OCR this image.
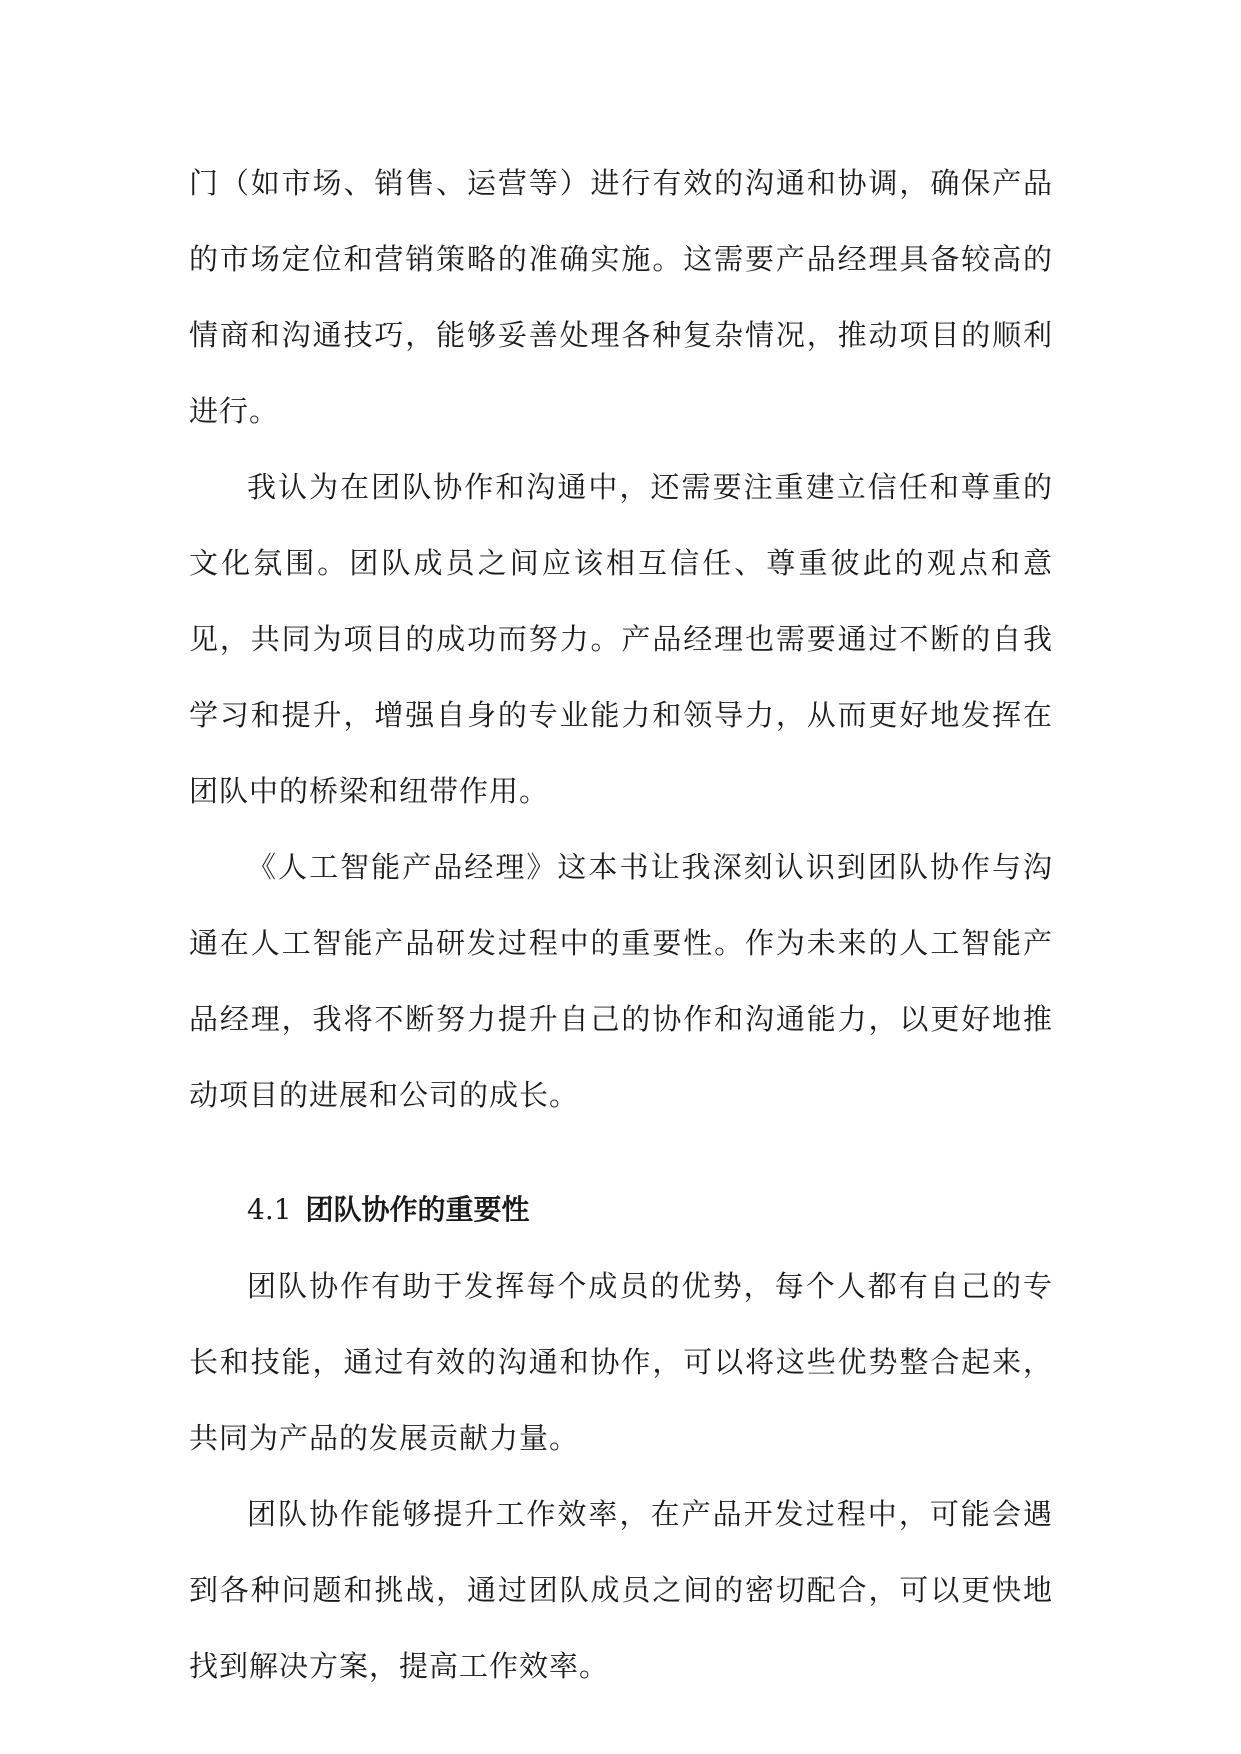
门（如市场、销售、运营等）进行有效的沟通和协调，确保产品的市场定位和营销策略的准确实施。这需要产品经理具备较高的情商和沟通技巧，能够妥善处理各种复杂情况，推动项目的顺利进行。

我认为在团队协作和沟通中，还需要注重建立信任和尊重的文化氛围。团队成员之间应该相互信任、尊重彼此的观点和意见，共同为项目的成功而努力。产品经理也需要通过不断的自我学习和提升，增强自身的专业能力和领导力，从而更好地发挥在团队中的桥梁和纽带作用。

《人工智能产品经理》这本书让我深刻认识到团队协作与沟通在人工智能产品研发过程中的重要性。作为未来的人工智能产品经理，我将不断努力提升自己的协作和沟通能力，以更好地推动项目的进展和公司的成长。

4.1 团队协作的重要性

团队协作有助于发挥每个成员的优势，每个人都有自己的专长和技能，通过有效的沟通和协作，可以将这些优势整合起来，共同为产品的发展贡献力量。

团队协作能够提升工作效率，在产品开发过程中，可能会遇到各种问题和挑战，通过团队成员之间的密切配合，可以更快地找到解决方案，提高工作效率。
